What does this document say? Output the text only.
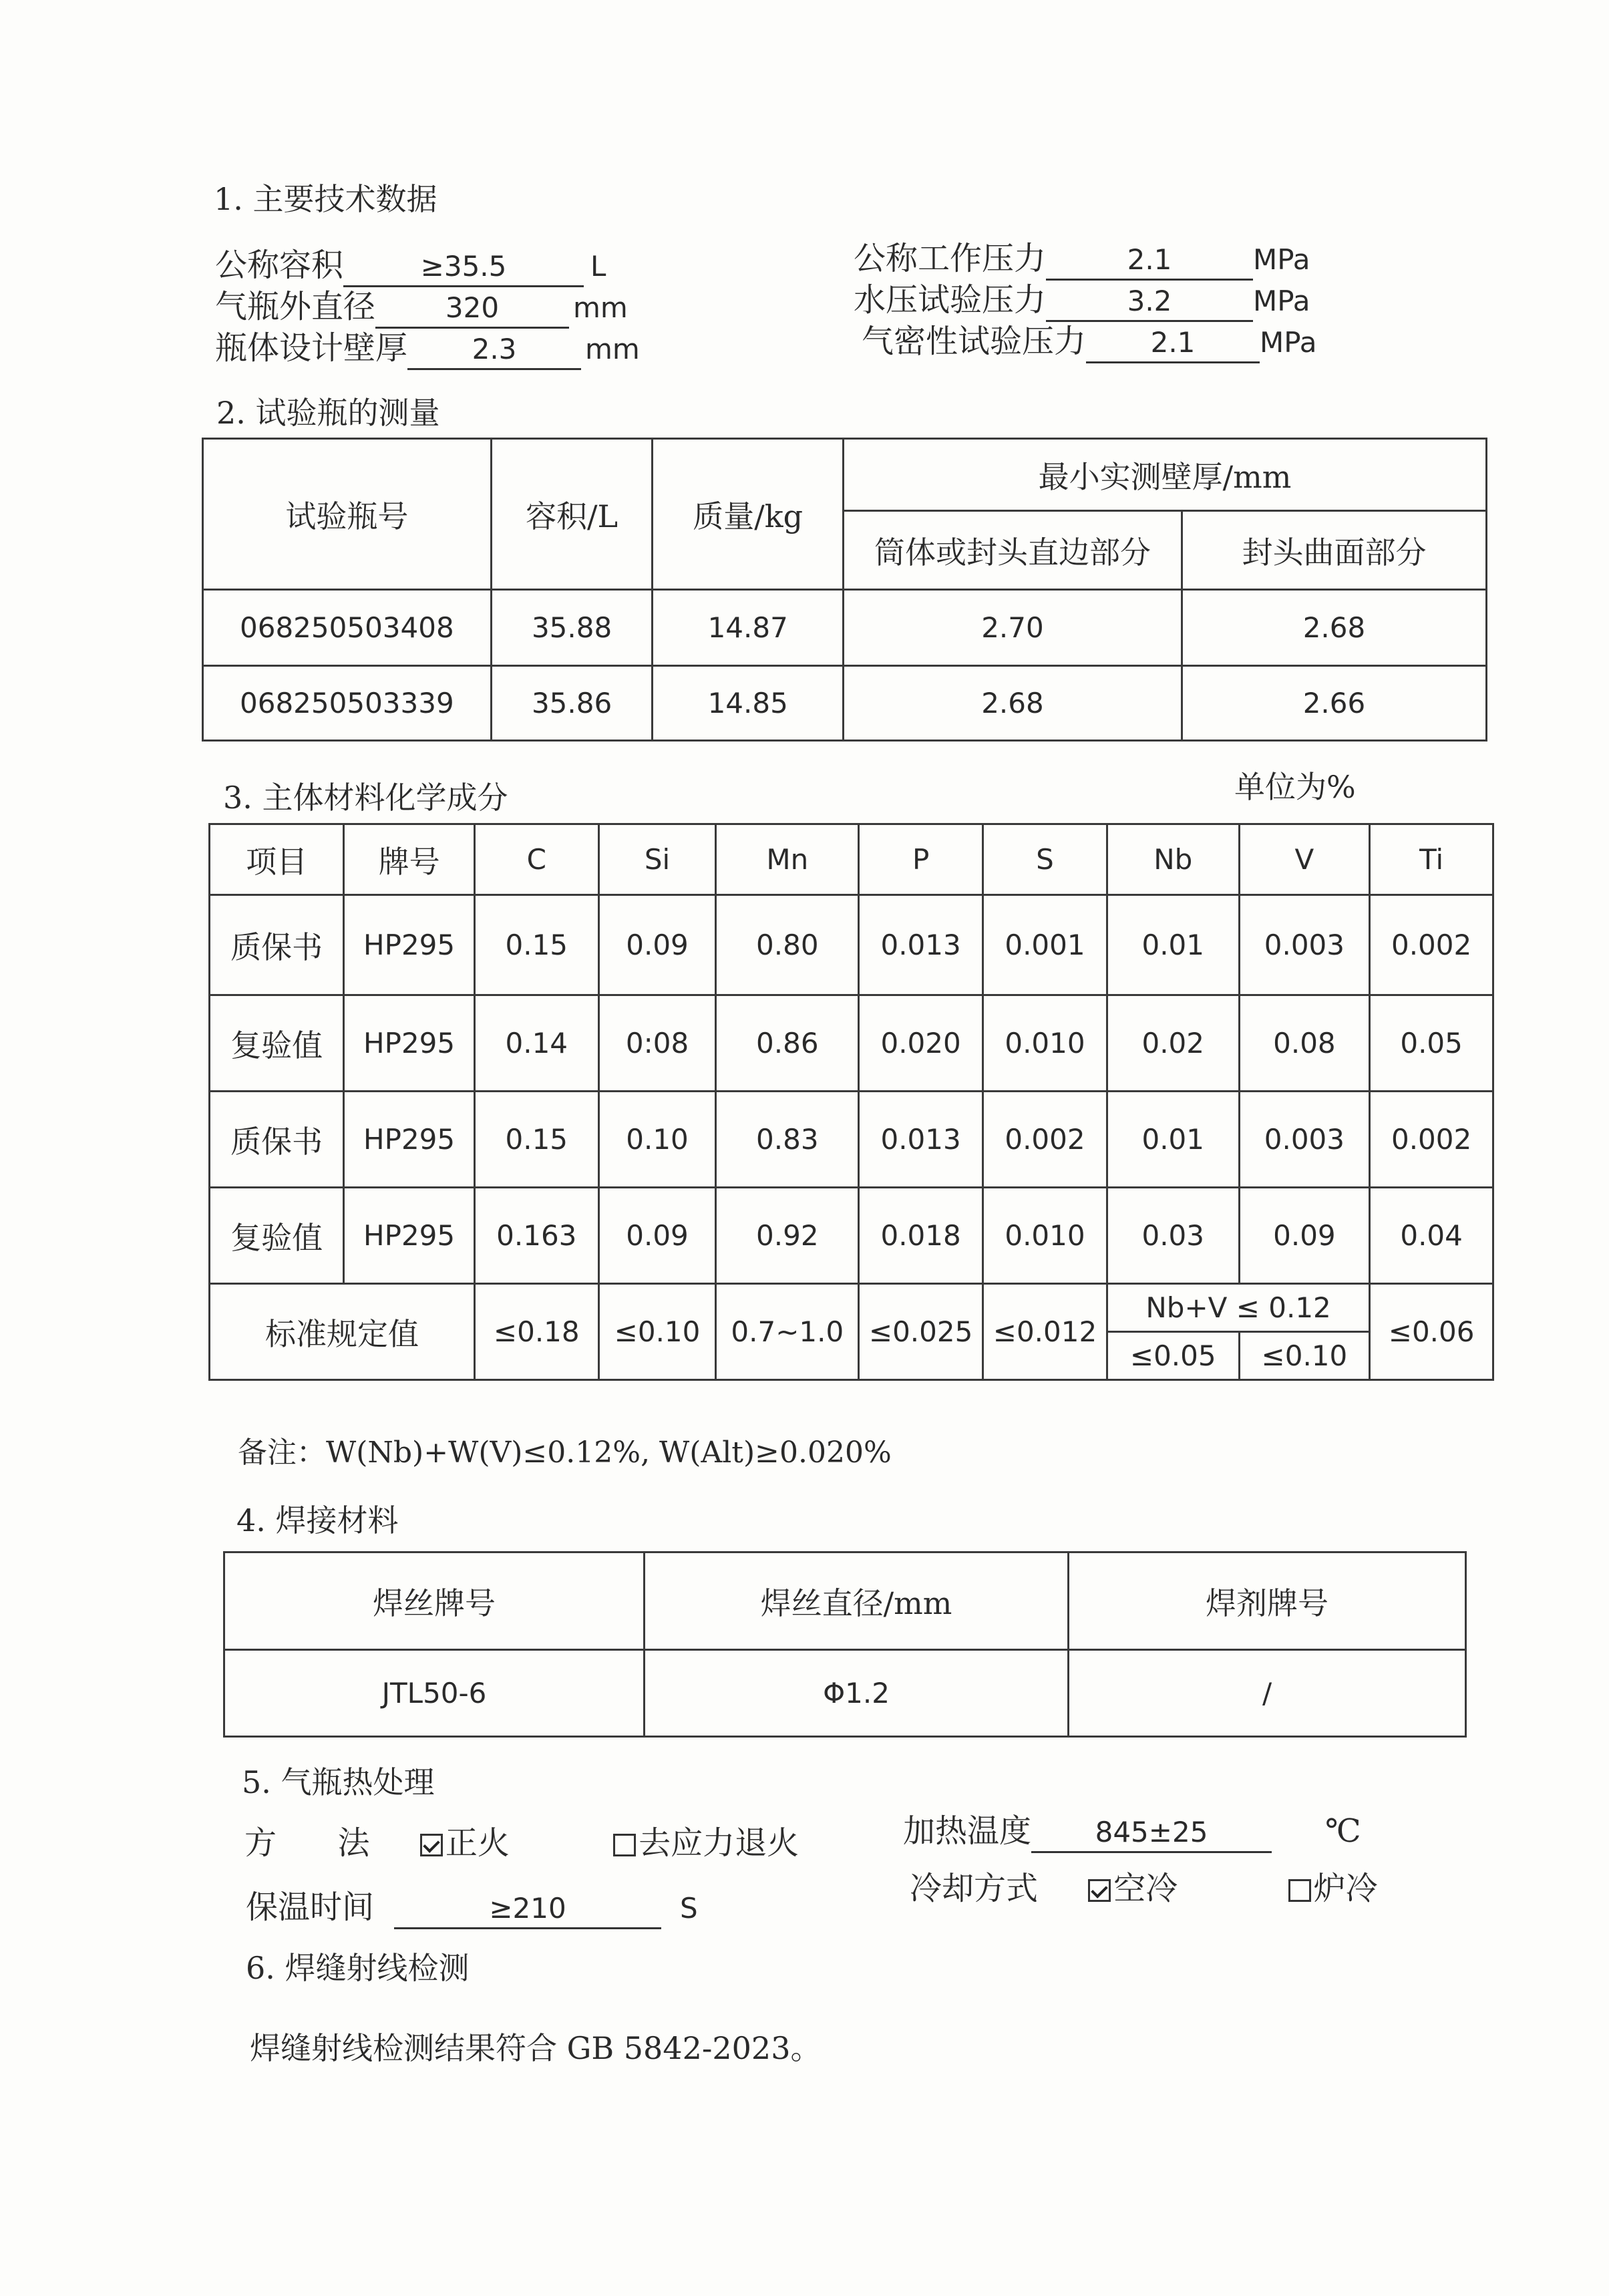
1. 主要技术数据
公称容积	≥35.5	L
气瓶外直径 320	mm
瓶体设计壁厚 2.3 mm
公称工作压力	2.1	MPa
水压试验压力	3.2	MPa
气密性试验压力 2.1 MPa
2. 试验瓶的测量
试验瓶号	容积/L	质量/kg	最小实测壁厚/mm	
			筒体或封头直边部分	封头曲面部分
068250503408	35.88	14.87	2.70	2.68
068250503339	35.86	14.85	2.68	2.66
3. 主体材料化学成分	单位为%
项目	牌号	C	Si	Mn	P	S	Nb	V	Ti
质保书	HP295	0.15	0.09	0.80	0.013	0.001	0.01	0.003	0.002
复验值	HP295	0.14	0:08	0.86	0.020	0.010	0.02	0.08	0.05
质保书	HP295	0.15	0.10	0.83	0.013	0.002	0.01	0.003	0.002
复验值	HP295	0.163	0.09	0.92	0.018	0.010	0.03	0.09	0.04
标准规定值		≤0.18	≤0.10	0.7~1.0	≤0.025	≤0.012	Nb+V ≤ 0.12		≤0.06
							≤0.05	≤0.10	
备注：W(Nb)+W(V)≤0.12%, W(Alt)≥0.020%
4. 焊接材料
焊丝牌号	焊丝直径/mm	焊剂牌号
JTL50-6	Φ1.2	/
5. 气瓶热处理
方      法 正火	去应力退火	加热温度 845±25	℃
保温时间	≥210	S
冷却方式 空冷	炉冷
6. 焊缝射线检测
焊缝射线检测结果符合 GB 5842-2023。
